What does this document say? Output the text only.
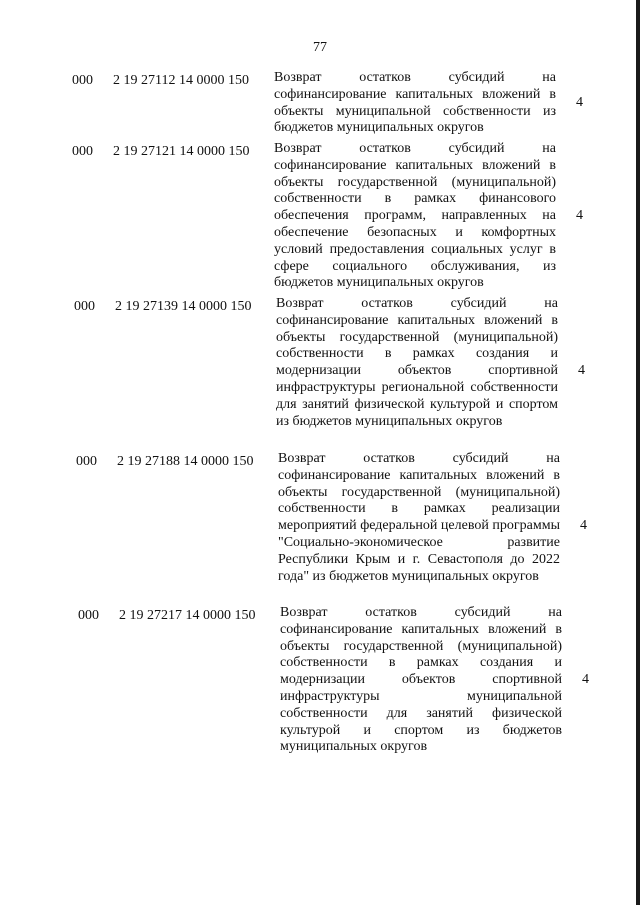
77
000 2 19 27112 14 0000 150 Возврат остатков субсидий на софинансирование капитальных вложений в объекты муниципальной собственности из бюджетов муниципальных округов
4
000 2 19 27121 14 0000 150 Возврат остатков субсидий на софинансирование капитальных вложений в объекты государственной (муниципальной) собственности в рамках финансового обеспечения программ, направленных на обеспечение безопасных и комфортных условий предоставления социальных услуг в сфере социального обслуживания, из бюджетов муниципальных округов
4
000 2 19 27139 14 0000 150 Возврат остатков субсидий на софинансирование капитальных вложений в объекты государственной (муниципальной) собственности в рамках создания и модернизации объектов спортивной инфраструктуры региональной собственности для занятий физической культурой и спортом из бюджетов муниципальных округов
4
000 2 19 27188 14 0000 150 Возврат остатков субсидий на софинансирование капитальных вложений в объекты государственной (муниципальной) собственности в рамках реализации мероприятий федеральной целевой программы "Социально-экономическое развитие Республики Крым и г. Севастополя до 2022 года" из бюджетов муниципальных округов
4
000 2 19 27217 14 0000 150 Возврат остатков субсидий на софинансирование капитальных вложений в объекты государственной (муниципальной) собственности в рамках создания и модернизации объектов спортивной инфраструктуры муниципальной собственности для занятий физической культурой и спортом из бюджетов муниципальных округов
4
